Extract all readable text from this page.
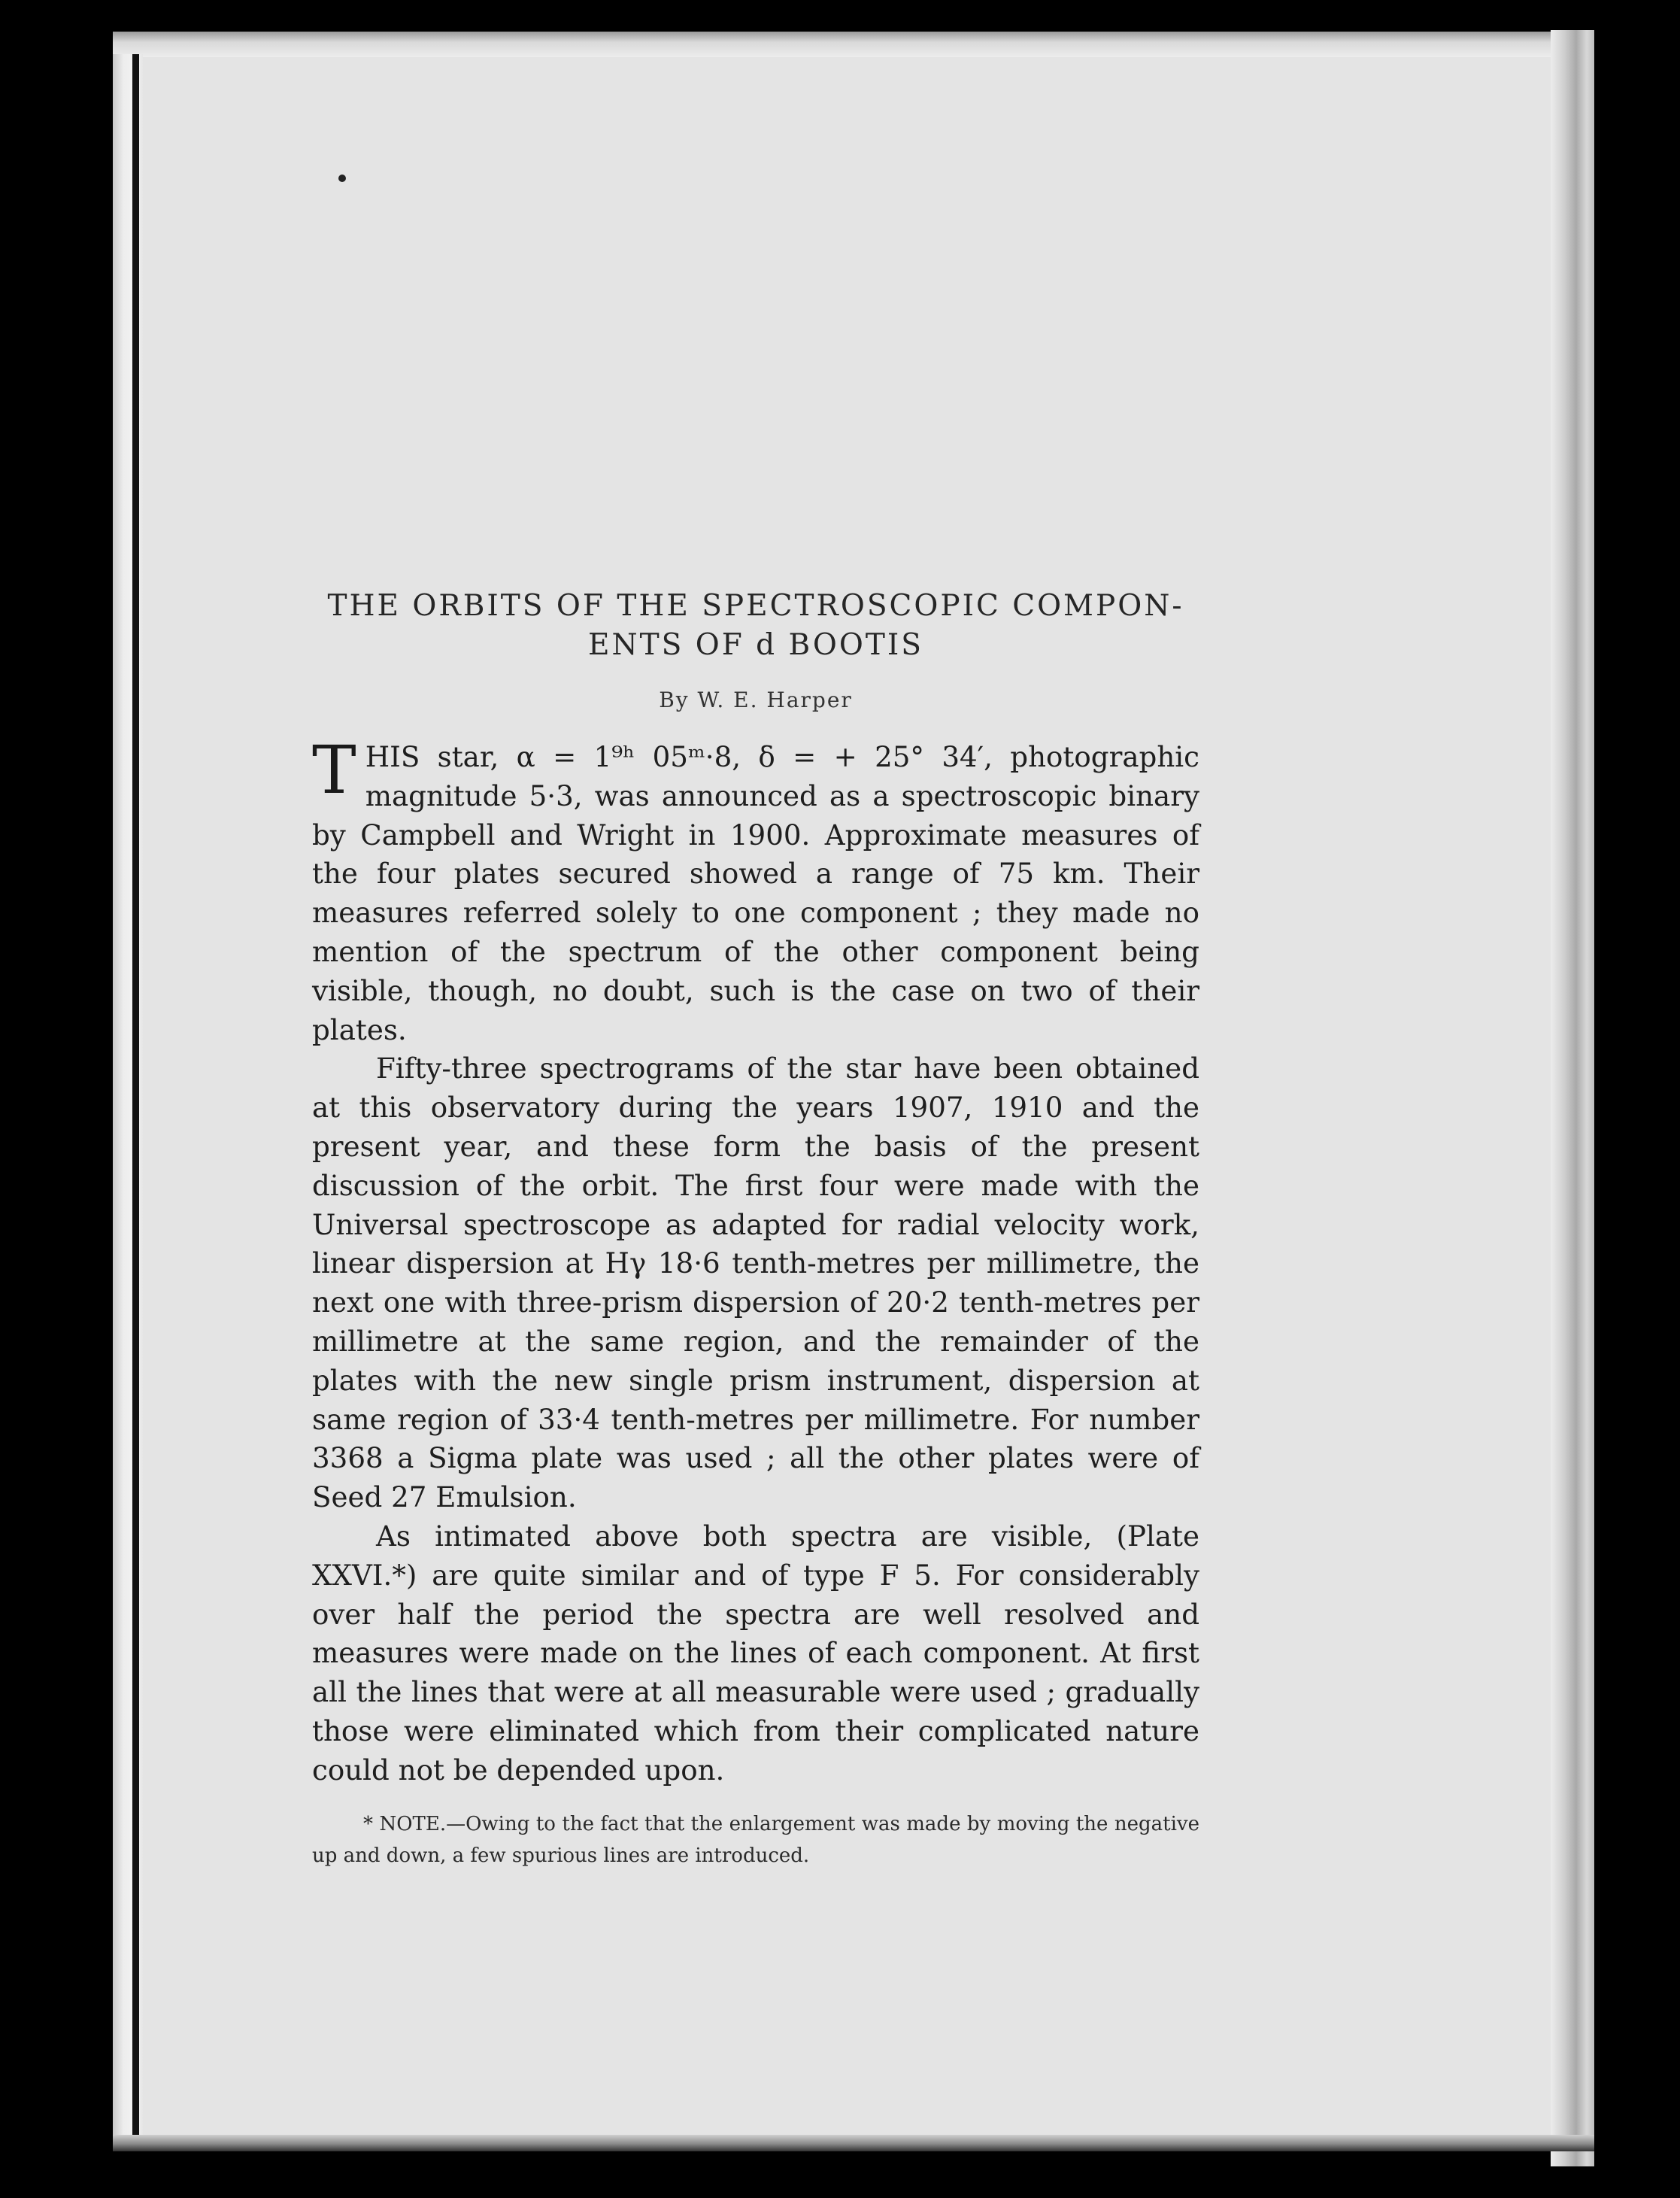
THE ORBITS OF THE SPECTROSCOPIC COMPON-
ENTS OF d BOOTIS
By W. E. Harper

THIS star, α = 1⁹ʰ 05ᵐ·8, δ = + 25° 34′, photographic magnitude 5·3, was announced as a spectroscopic binary by Campbell and Wright in 1900. Approximate measures of the four plates secured showed a range of 75 km. Their measures referred solely to one component ; they made no mention of the spectrum of the other component being visible, though, no doubt, such is the case on two of their plates.

Fifty-three spectrograms of the star have been obtained at this observatory during the years 1907, 1910 and the present year, and these form the basis of the present discussion of the orbit. The first four were made with the Universal spectroscope as adapted for radial velocity work, linear dispersion at Hγ 18·6 tenth-metres per millimetre, the next one with three-prism dispersion of 20·2 tenth-metres per millimetre at the same region, and the remainder of the plates with the new single prism instrument, dispersion at same region of 33·4 tenth-metres per millimetre. For number 3368 a Sigma plate was used ; all the other plates were of Seed 27 Emulsion.

As intimated above both spectra are visible, (Plate XXVI.*) are quite similar and of type F 5. For considerably over half the period the spectra are well resolved and measures were made on the lines of each component. At first all the lines that were at all measurable were used ; gradually those were eliminated which from their complicated nature could not be depended upon.

* NOTE.—Owing to the fact that the enlargement was made by moving the negative up and down, a few spurious lines are introduced.
